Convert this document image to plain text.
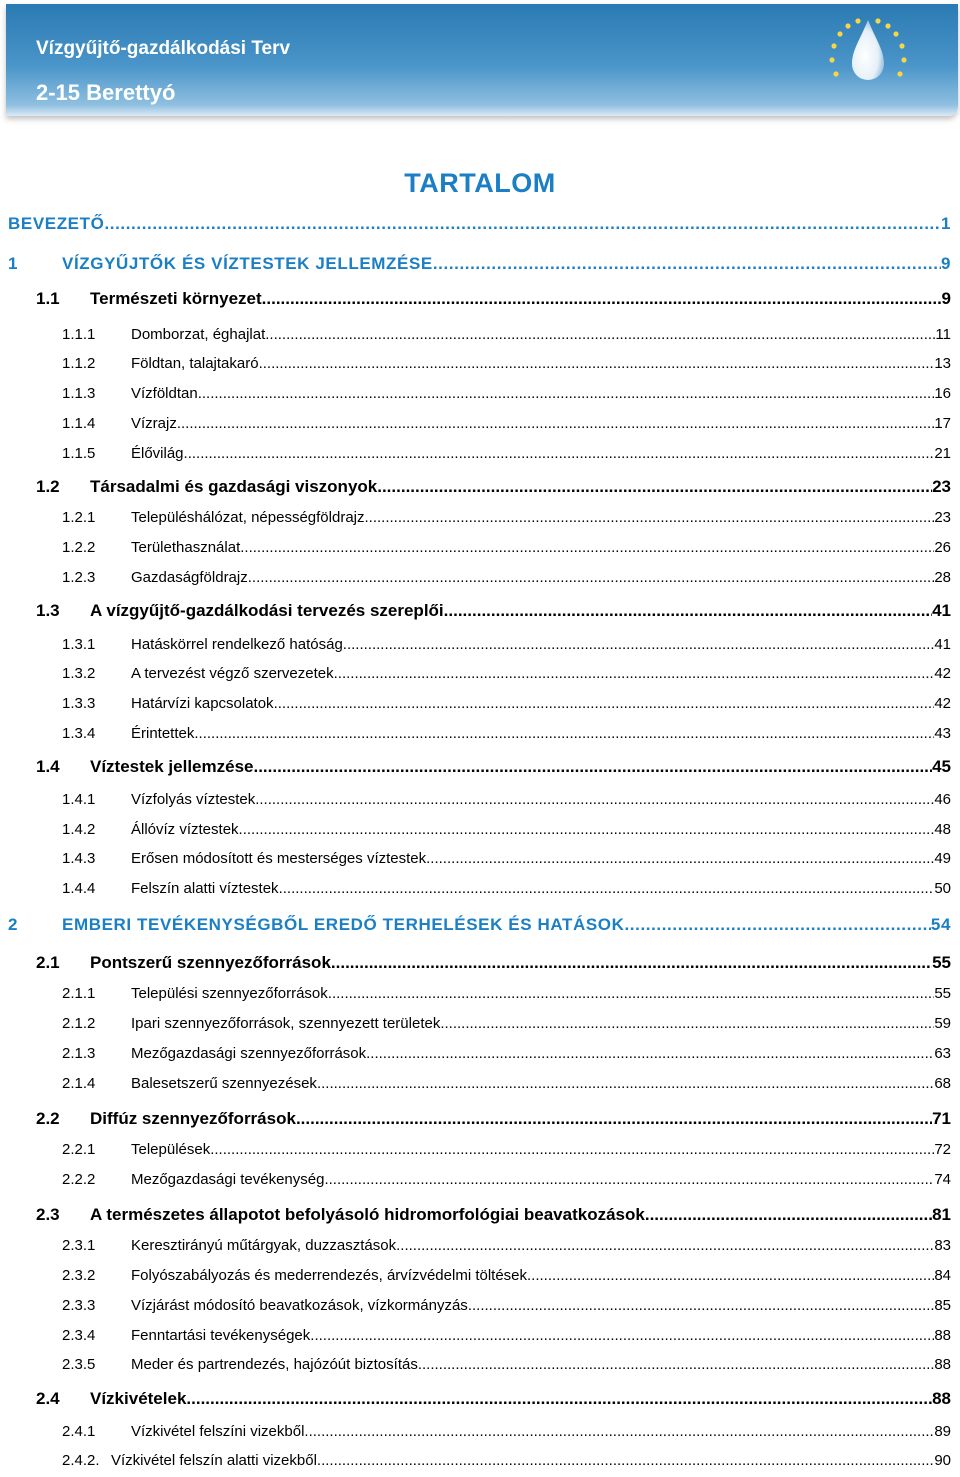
Vízgyűjtő-gazdálkodási Terv
2-15 Berettyó
TARTALOM
BEVEZETŐ .....	1
1	VÍZGYŰJTŐK ÉS VÍZTESTEK JELLEMZÉSE .....	9
1.1 Természeti környezet .....	9
1.1.1 Domborzat, éghajlat .....	11
1.1.2 Földtan, talajtakaró .....	13
1.1.3 Vízföldtan .....	16
1.1.4 Vízrajz .....	17
1.1.5 Élővilág .....	21
1.2 Társadalmi és gazdasági viszonyok .....	23
1.2.1 Településhálózat, népességföldrajz .....	23
1.2.2 Területhasználat .....	26
1.2.3 Gazdaságföldrajz .....	28
1.3 A vízgyűjtő-gazdálkodási tervezés szereplői .....	41
1.3.1 Hatáskörrel rendelkező hatóság .....	41
1.3.2 A tervezést végző szervezetek .....	42
1.3.3 Határvízi kapcsolatok .....	42
1.3.4 Érintettek .....	43
1.4 Víztestek jellemzése .....	45
1.4.1 Vízfolyás víztestek .....	46
1.4.2 Állóvíz víztestek .....	48
1.4.3 Erősen módosított és mesterséges víztestek .....	49
1.4.4 Felszín alatti víztestek .....	50
2	EMBERI TEVÉKENYSÉGBŐL EREDŐ TERHELÉSEK ÉS HATÁSOK .....	54
2.1 Pontszerű szennyezőforrások .....	55
2.1.1 Települési szennyezőforrások .....	55
2.1.2 Ipari szennyezőforrások, szennyezett területek .....	59
2.1.3 Mezőgazdasági szennyezőforrások .....	63
2.1.4 Balesetszerű szennyezések .....	68
2.2 Diffúz szennyezőforrások .....	71
2.2.1 Települések .....	72
2.2.2 Mezőgazdasági tevékenység .....	74
2.3 A természetes állapotot befolyásoló hidromorfológiai beavatkozások .....	81
2.3.1 Keresztirányú műtárgyak, duzzasztások .....	83
2.3.2 Folyószabályozás és mederrendezés, árvízvédelmi töltések .....	84
2.3.3 Vízjárást módosító beavatkozások, vízkormányzás .....	85
2.3.4 Fenntartási tevékenységek .....	88
2.3.5 Meder és partrendezés, hajózóút biztosítás .....	88
2.4 Vízkivételek .....	88
2.4.1 Vízkivétel felszíni vizekből .....	89
2.4.2. Vízkivétel felszín alatti vizekből .....	90
